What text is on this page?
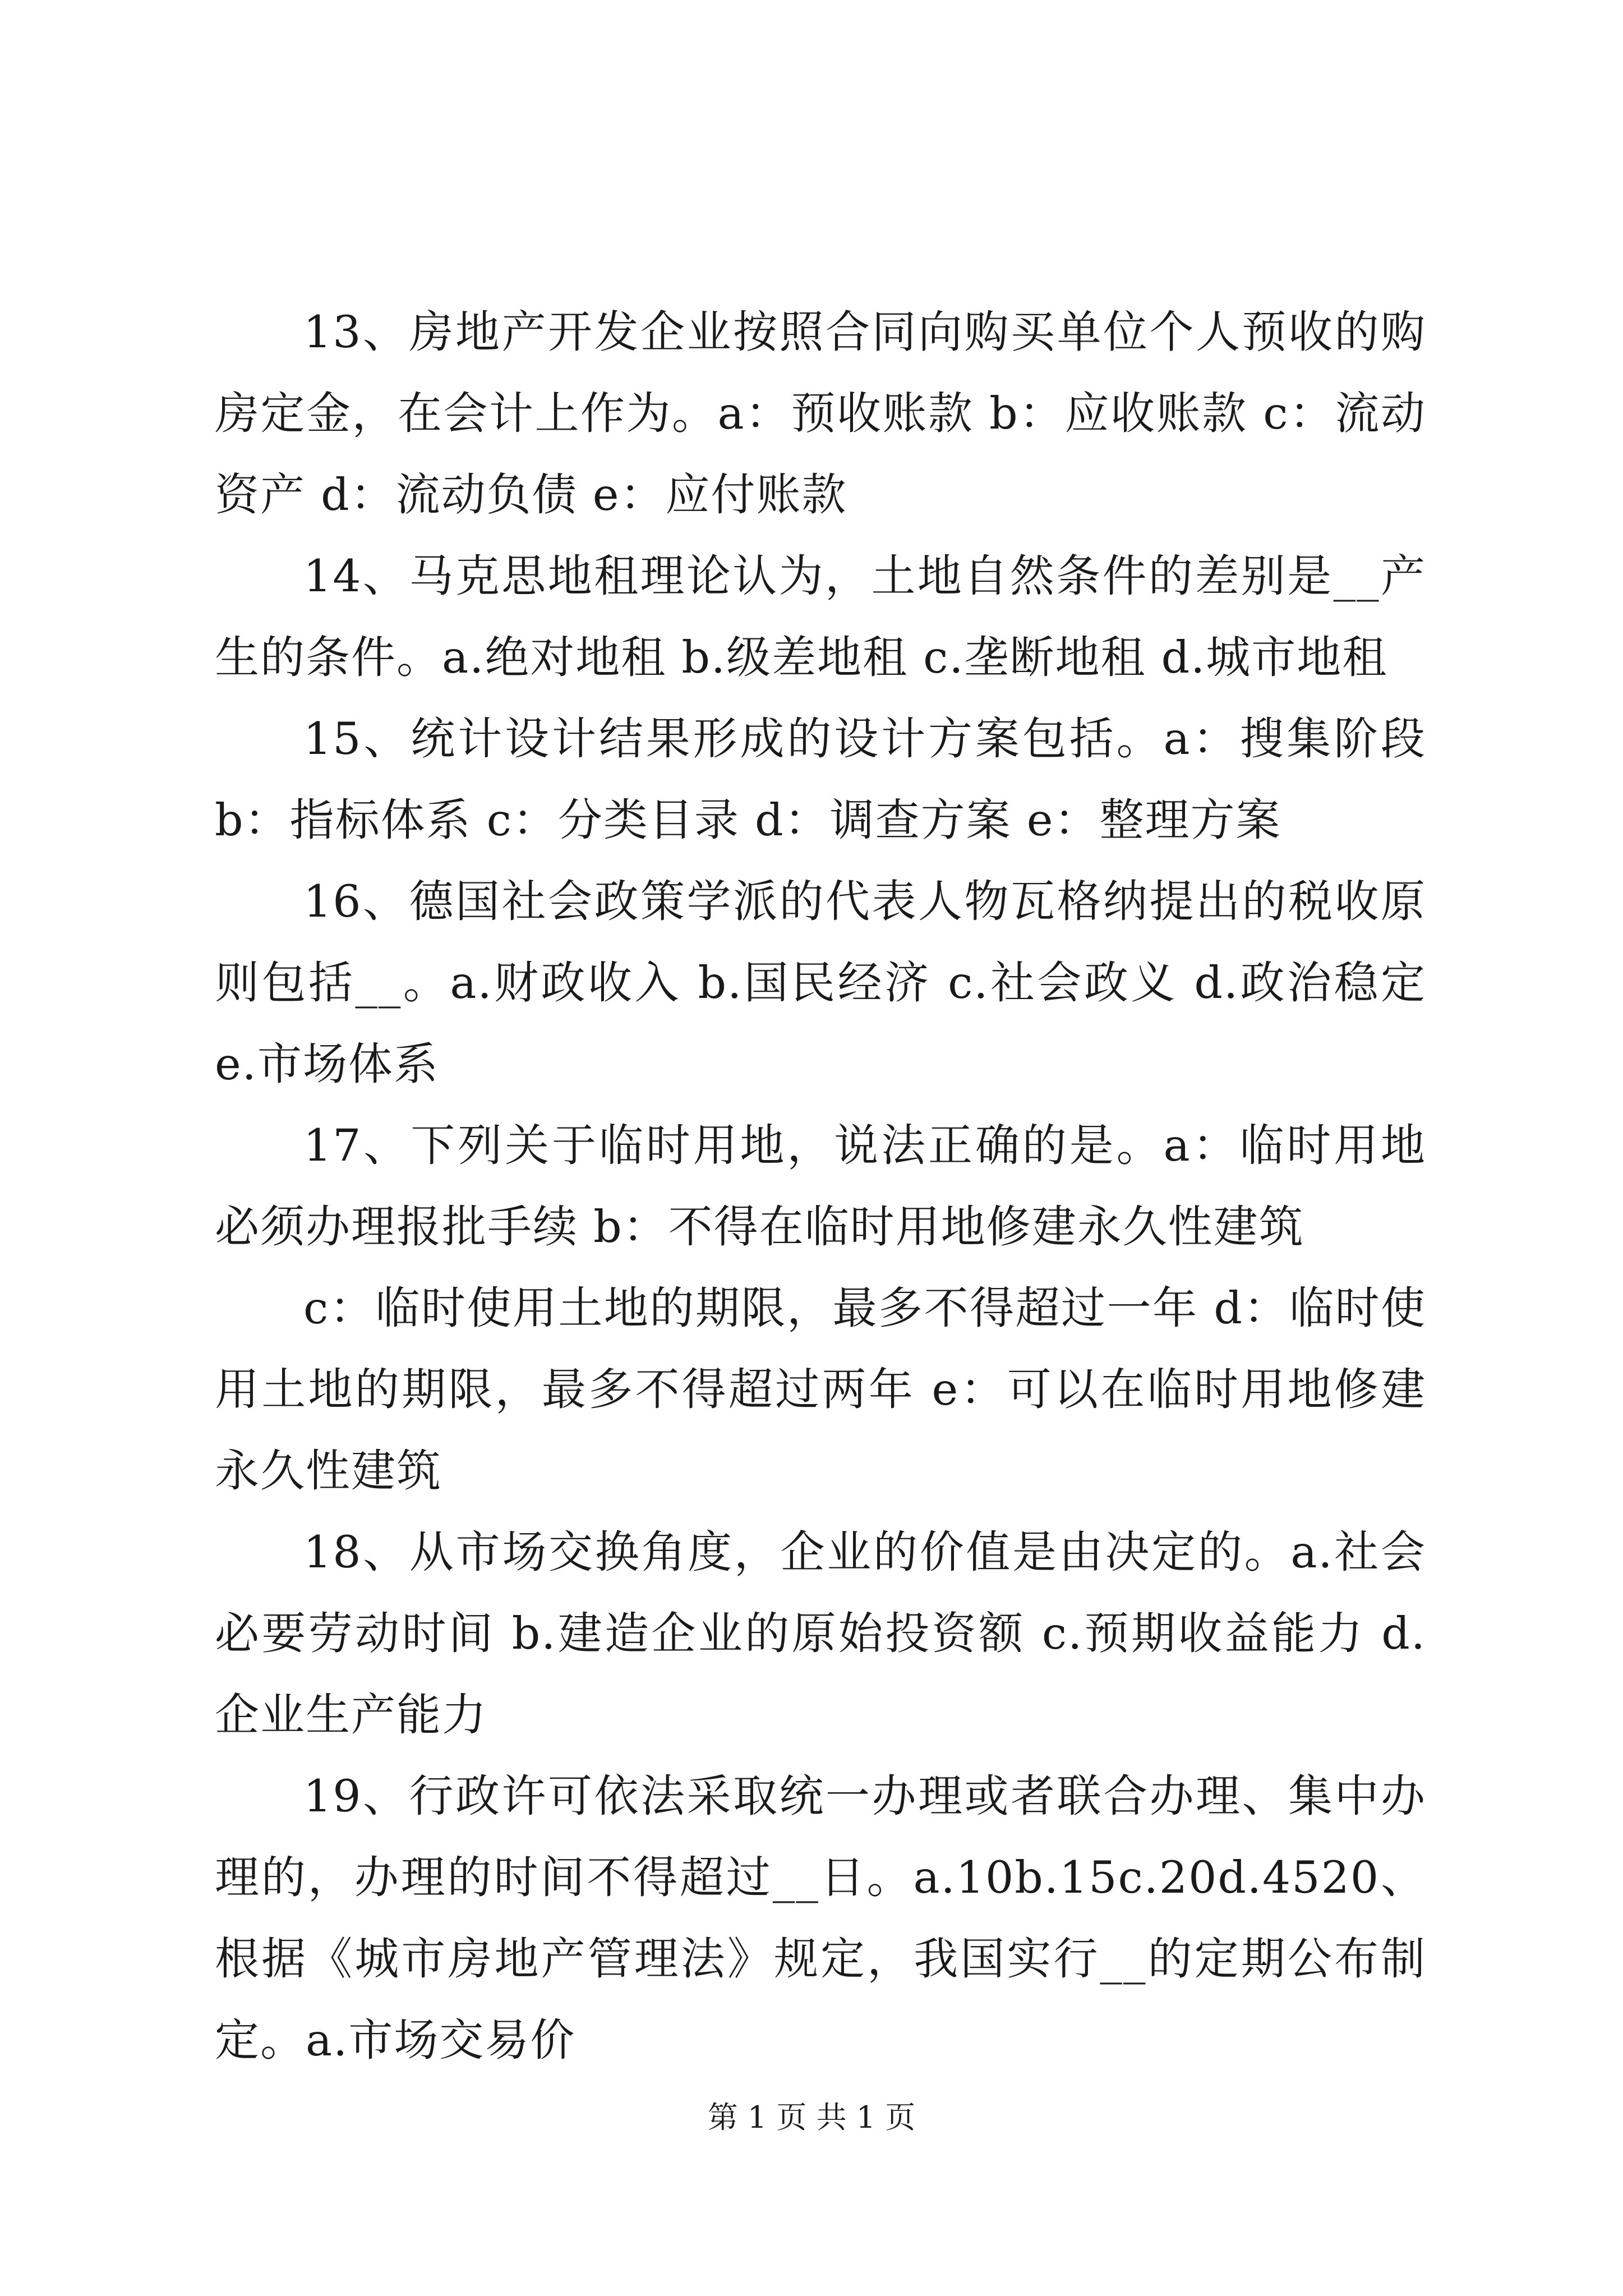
13、房地产开发企业按照合同向购买单位个人预收的购房定金，在会计上作为。a：预收账款 b：应收账款 c：流动资产 d：流动负债 e：应付账款

14、马克思地租理论认为，土地自然条件的差别是__产生的条件。a.绝对地租 b.级差地租 c.垄断地租 d.城市地租

15、统计设计结果形成的设计方案包括。a：搜集阶段 b：指标体系 c：分类目录 d：调查方案 e：整理方案

16、德国社会政策学派的代表人物瓦格纳提出的税收原则包括__。a.财政收入 b.国民经济 c.社会政义 d.政治稳定 e.市场体系

17、下列关于临时用地，说法正确的是。a：临时用地必须办理报批手续 b：不得在临时用地修建永久性建筑

c：临时使用土地的期限，最多不得超过一年 d：临时使用土地的期限，最多不得超过两年 e：可以在临时用地修建永久性建筑

18、从市场交换角度，企业的价值是由决定的。a.社会必要劳动时间 b.建造企业的原始投资额 c.预期收益能力 d.企业生产能力

19、行政许可依法采取统一办理或者联合办理、集中办理的，办理的时间不得超过__日。a.10b.15c.20d.4520、根据《城市房地产管理法》规定，我国实行__的定期公布制定。a.市场交易价

第 1 页 共 1 页
